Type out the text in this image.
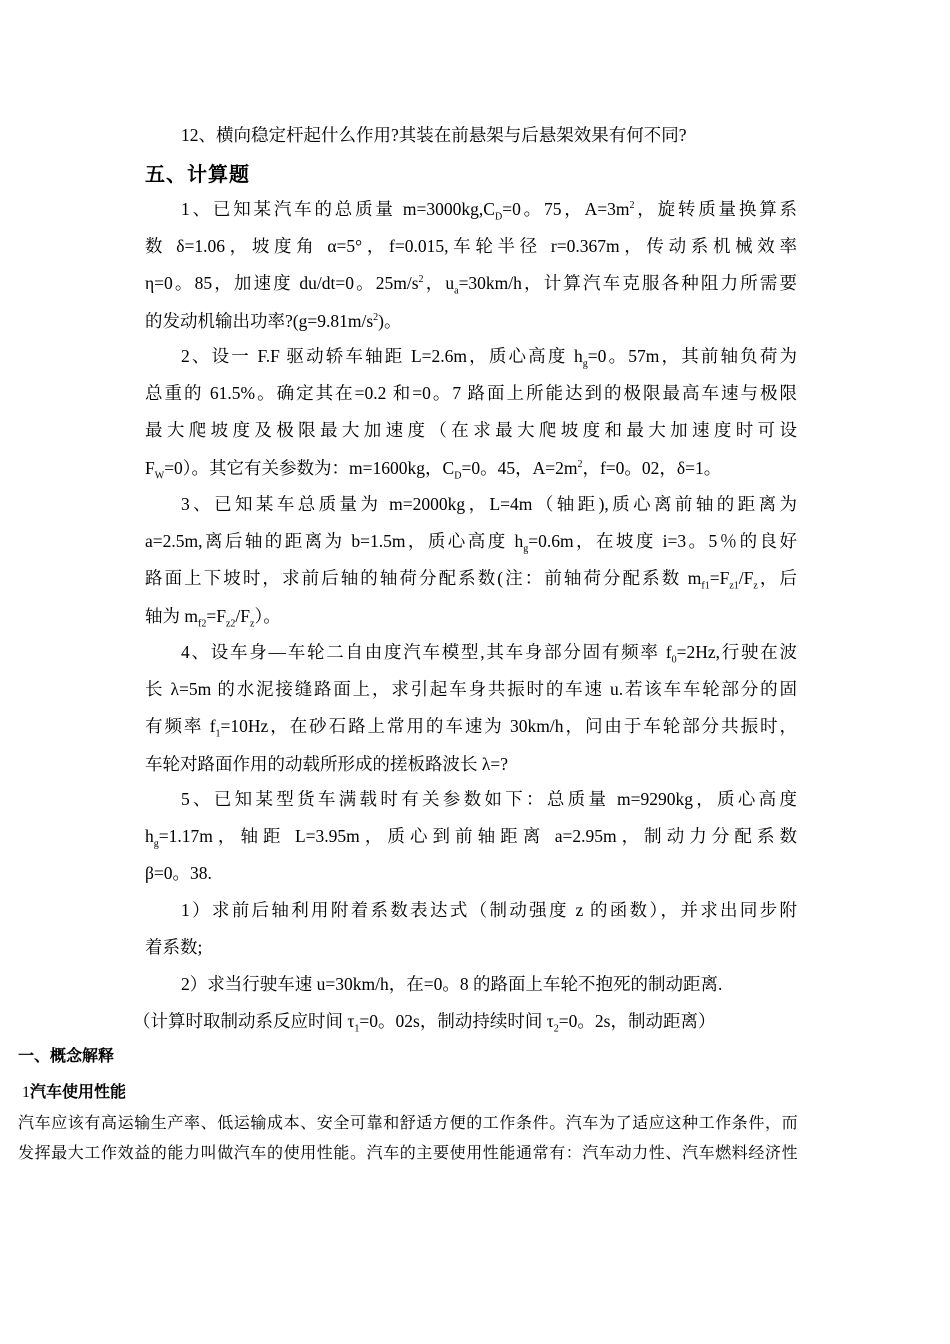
12、横向稳定杆起什么作用?其装在前悬架与后悬架效果有何不同?
五、计算题
1、已知某汽车的总质量 $m=3000kg,C_D=0$。75，$A=3m^2$，旋转质量换算系
数 δ=1.06，坡度角 α=5°，f=0.015,车轮半径 r=0.367m，传动系机械效率
η=0。85，加速度 du/dt=0。$25m/s^2$，$u_a=30km/h$，计算汽车克服各种阻力所需要
的发动机输出功率$?(g=9.81m/s^2)$。
2、设一 F.F 驱动轿车轴距 L=2.6m，质心高度 $h_g=0$。57m，其前轴负荷为
总重的 61.5%。确定其在=0.2 和=0。7 路面上所能达到的极限最高车速与极限
最大爬坡度及极限最大加速度（在求最大爬坡度和最大加速度时可设
$F_W=0$）。其它有关参数为：m=1600kg，$C_D=0$。45，$A=2m^2$，f=0。02，δ=1。
3、已知某车总质量为 m=2000kg，L=4m（轴距),质心离前轴的距离为
a=2.5m,离后轴的距离为 b=1.5m，质心高度 $h_g=0.6m$，在坡度 i=3。5％的良好
路面上下坡时，求前后轴的轴荷分配系数(注：前轴荷分配系数 $m_{f1}=F_{z1}/F_z$，后
轴为 $m_{f2}=F_{z2}/F_z$）。
4、设车身—车轮二自由度汽车模型,其车身部分固有频率 $f_0=2Hz$,行驶在波
长 λ=5m 的水泥接缝路面上，求引起车身共振时的车速 u.若该车车轮部分的固
有频率 $f_1=10Hz$，在砂石路上常用的车速为 30km/h，问由于车轮部分共振时，
车轮对路面作用的动载所形成的搓板路波长 λ=?
5、已知某型货车满载时有关参数如下：总质量 m=9290kg，质心高度
$h_g=1.17m$，轴距 L=3.95m，质心到前轴距离 a=2.95m，制动力分配系数
β=0。38.
1）求前后轴利用附着系数表达式（制动强度 z 的函数），并求出同步附
着系数;
2）求当行驶车速 u=30km/h，在=0。8 的路面上车轮不抱死的制动距离.
（计算时取制动系反应时间 $\tau_1=0$。02s，制动持续时间 $\tau_2=0$。2s，制动距离）
一、概念解释
1汽车使用性能
汽车应该有高运输生产率、低运输成本、安全可靠和舒适方便的工作条件。汽车为了适应这种工作条件，而
发挥最大工作效益的能力叫做汽车的使用性能。汽车的主要使用性能通常有：汽车动力性、汽车燃料经济性
